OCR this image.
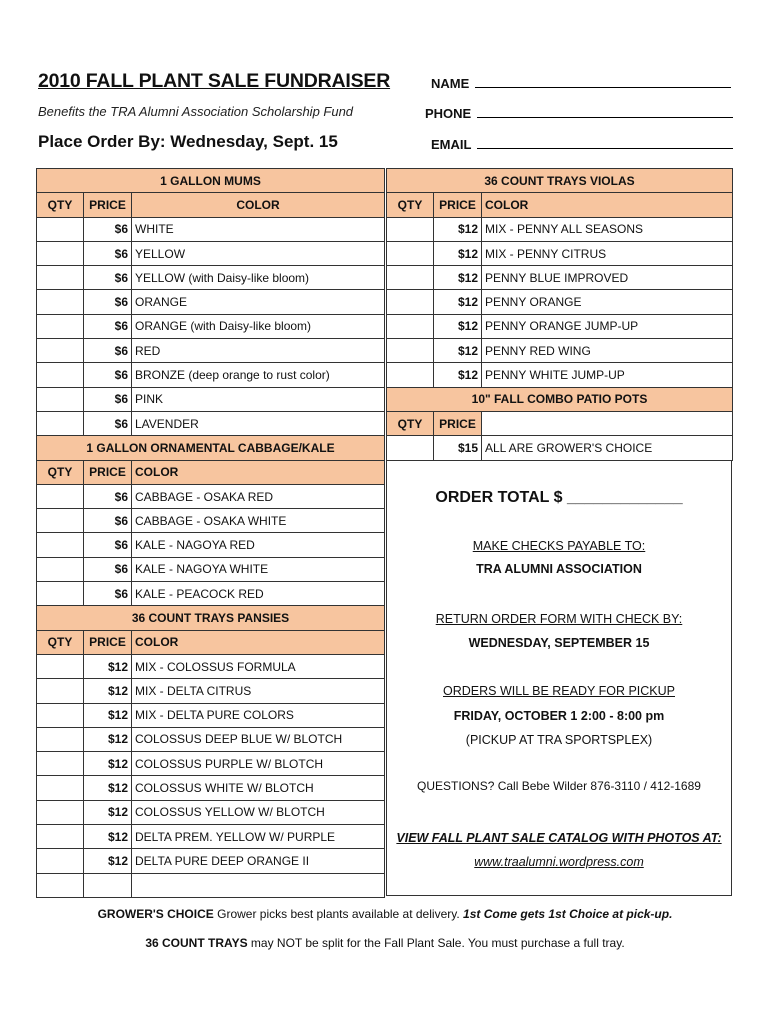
2010 FALL PLANT SALE FUNDRAISER
Benefits the TRA Alumni Association Scholarship Fund
Place Order By: Wednesday, Sept. 15
NAME
PHONE
EMAIL
1 GALLON MUMS		
QTY	PRICE	COLOR
	$6	WHITE
	$6	YELLOW
	$6	YELLOW (with Daisy-like bloom)
	$6	ORANGE
	$6	ORANGE (with Daisy-like bloom)
	$6	RED
	$6	BRONZE (deep orange to rust color)
	$6	PINK
	$6	LAVENDER
1 GALLON ORNAMENTAL CABBAGE/KALE		
QTY	PRICE	COLOR
	$6	CABBAGE - OSAKA RED
	$6	CABBAGE - OSAKA WHITE
	$6	KALE - NAGOYA RED
	$6	KALE - NAGOYA WHITE
	$6	KALE - PEACOCK RED
36 COUNT TRAYS PANSIES		
QTY	PRICE	COLOR
	$12	MIX - COLOSSUS FORMULA
	$12	MIX - DELTA CITRUS
	$12	MIX - DELTA PURE COLORS
	$12	COLOSSUS DEEP BLUE W/ BLOTCH
	$12	COLOSSUS PURPLE W/ BLOTCH
	$12	COLOSSUS WHITE W/ BLOTCH
	$12	COLOSSUS YELLOW W/ BLOTCH
	$12	DELTA PREM. YELLOW W/ PURPLE
	$12	DELTA PURE DEEP ORANGE II

36 COUNT TRAYS VIOLAS		
QTY	PRICE	COLOR
	$12	MIX - PENNY ALL SEASONS
	$12	MIX - PENNY CITRUS
	$12	PENNY BLUE IMPROVED
	$12	PENNY ORANGE
	$12	PENNY ORANGE JUMP-UP
	$12	PENNY RED WING
	$12	PENNY WHITE JUMP-UP
10" FALL COMBO PATIO POTS		
QTY	PRICE	
	$15	ALL ARE GROWER'S CHOICE
ORDER TOTAL $ _____________
MAKE CHECKS PAYABLE TO:
TRA ALUMNI ASSOCIATION
RETURN ORDER FORM WITH CHECK BY:
WEDNESDAY, SEPTEMBER 15
ORDERS WILL BE READY FOR PICKUP
FRIDAY, OCTOBER 1 2:00 - 8:00 pm
(PICKUP AT TRA SPORTSPLEX)
QUESTIONS? Call Bebe Wilder 876-3110 / 412-1689
VIEW FALL PLANT SALE CATALOG WITH PHOTOS AT:
www.traalumni.wordpress.com
GROWER'S CHOICE Grower picks best plants available at delivery. 1st Come gets 1st Choice at pick-up.
36 COUNT TRAYS may NOT be split for the Fall Plant Sale. You must purchase a full tray.
